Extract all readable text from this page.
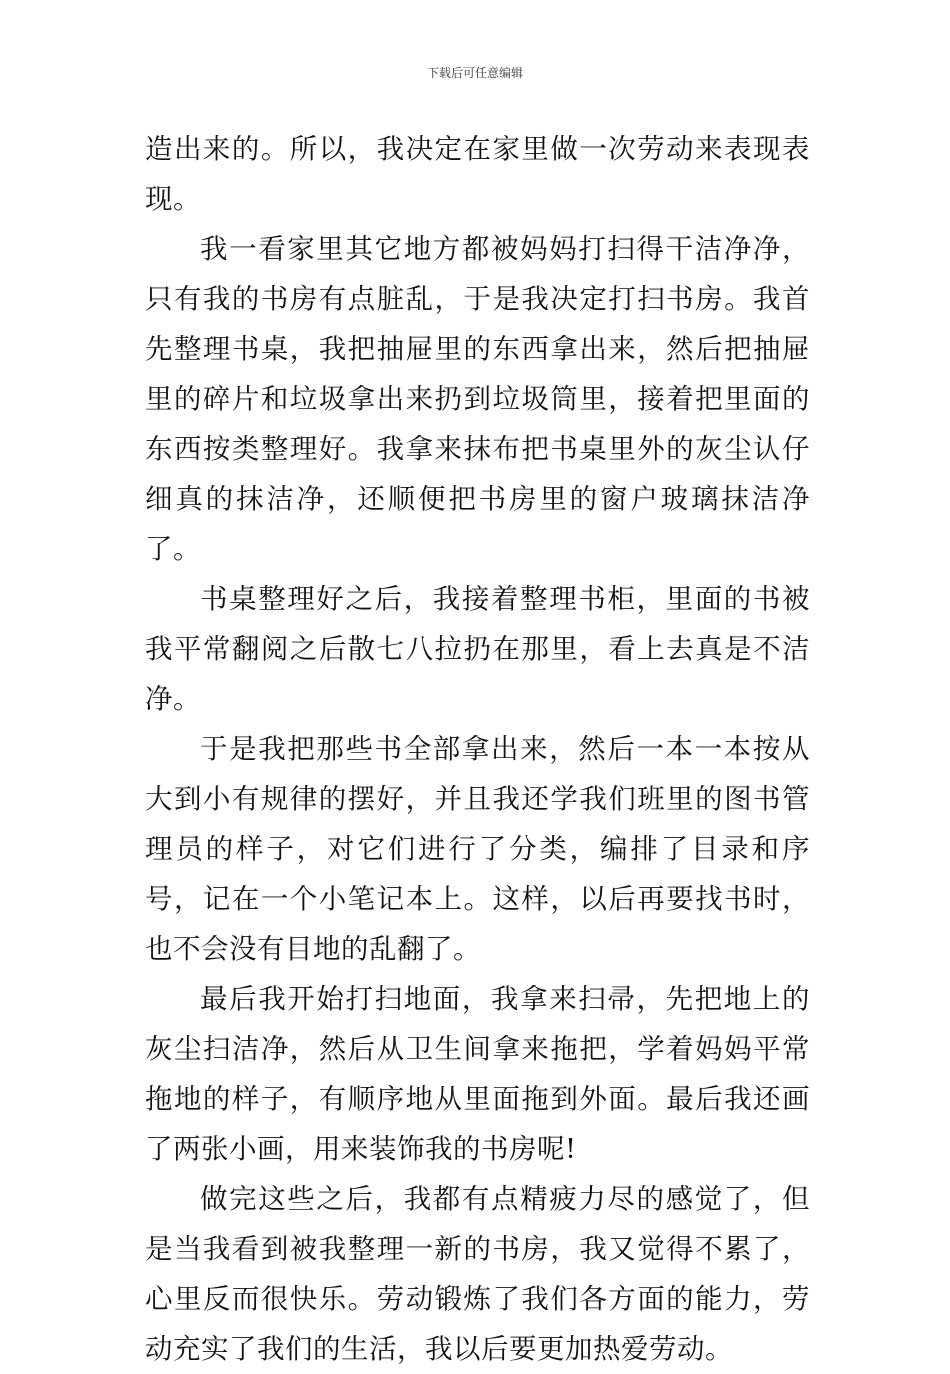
下载后可任意编辑

造出来的。所以，我决定在家里做一次劳动来表现表现。

我一看家里其它地方都被妈妈打扫得干洁净净，只有我的书房有点脏乱，于是我决定打扫书房。我首先整理书桌，我把抽屉里的东西拿出来，然后把抽屉里的碎片和垃圾拿出来扔到垃圾筒里，接着把里面的东西按类整理好。我拿来抹布把书桌里外的灰尘认仔细真的抹洁净，还顺便把书房里的窗户玻璃抹洁净了。

书桌整理好之后，我接着整理书柜，里面的书被我平常翻阅之后散七八拉扔在那里，看上去真是不洁净。

于是我把那些书全部拿出来，然后一本一本按从大到小有规律的摆好，并且我还学我们班里的图书管理员的样子，对它们进行了分类，编排了目录和序号，记在一个小笔记本上。这样，以后再要找书时，也不会没有目地的乱翻了。

最后我开始打扫地面，我拿来扫帚，先把地上的灰尘扫洁净，然后从卫生间拿来拖把，学着妈妈平常拖地的样子，有顺序地从里面拖到外面。最后我还画了两张小画，用来装饰我的书房呢!

做完这些之后，我都有点精疲力尽的感觉了，但是当我看到被我整理一新的书房，我又觉得不累了，心里反而很快乐。劳动锻炼了我们各方面的能力，劳动充实了我们的生活，我以后要更加热爱劳动。
